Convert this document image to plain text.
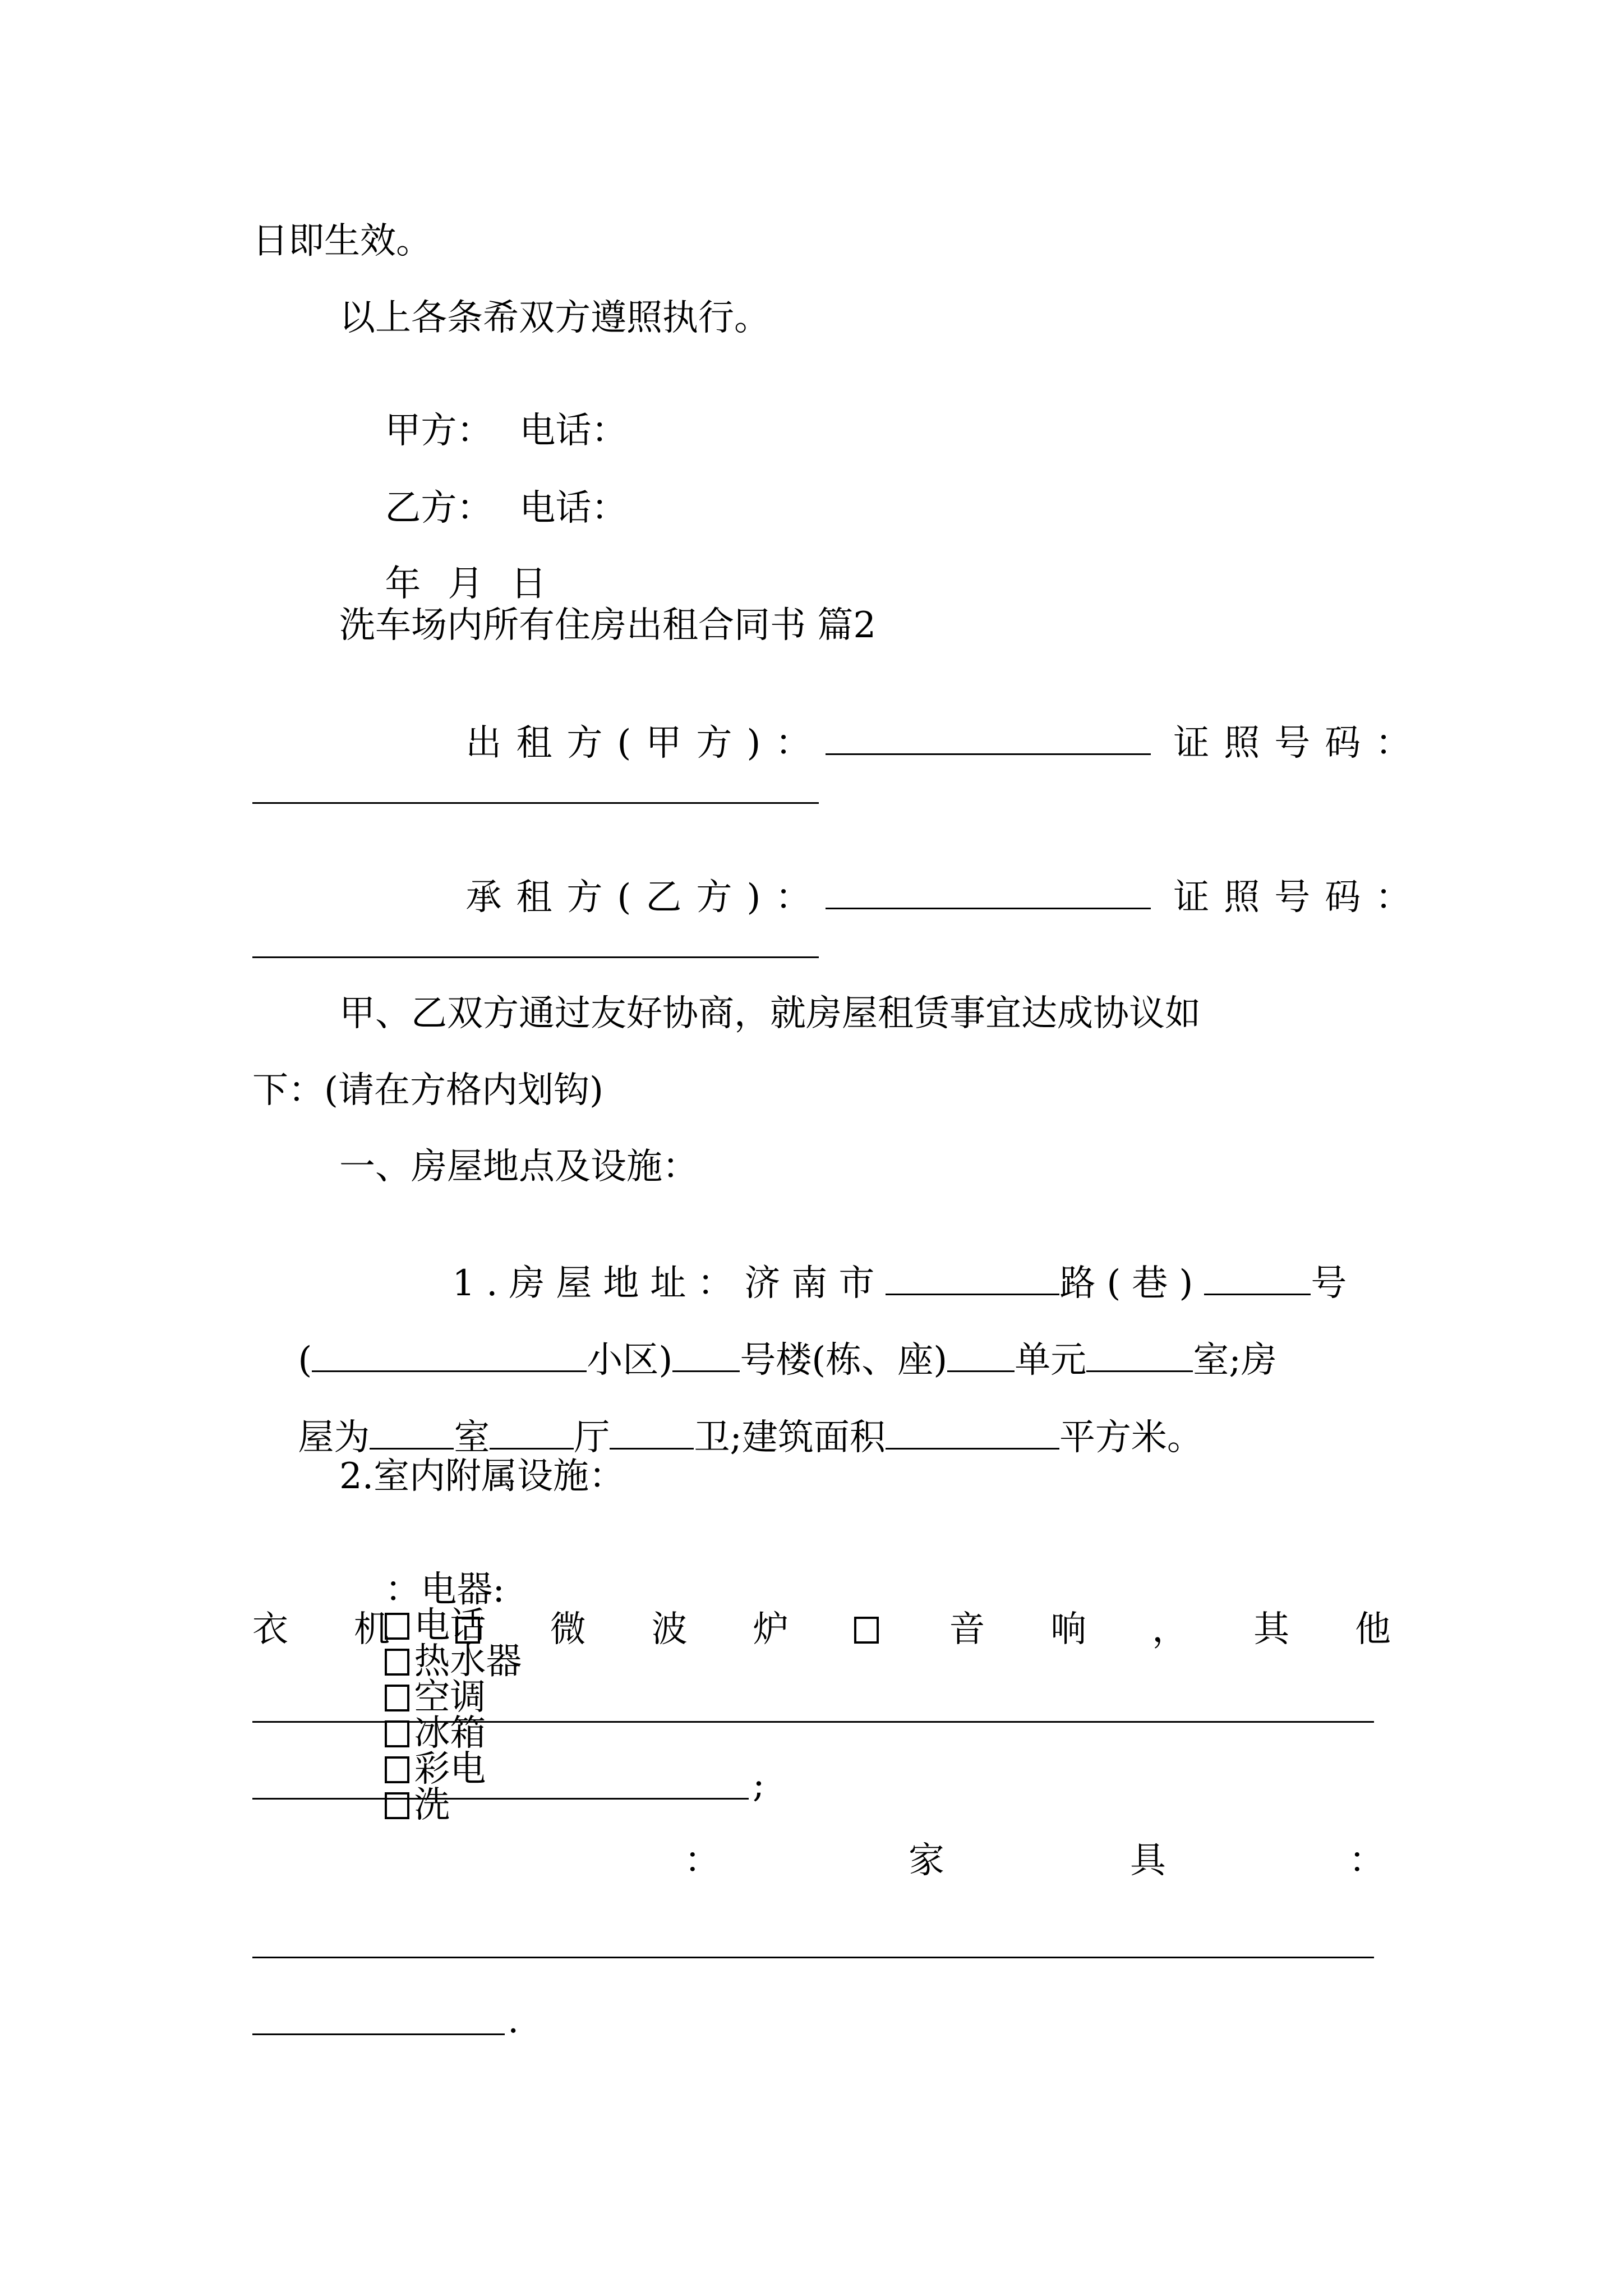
日即生效。
以上各条希双方遵照执行。

甲方： 电话：

乙方： 电话：

年 月 日

洗车场内所有住房出租合同书 篇2

出租方(甲方)：	证照号码：

承租方(乙方)：	证照号码：

甲、乙双方通过友好协商，就房屋租赁事宜达成协议如
下：(请在方格内划钩)
一、房屋地点及设施：

1.房屋地址：济南市	路(巷)	号

(	小区) 号楼(栋、座) 单元	室;房

屋为 室 厅 卫;建筑面积	平方米。

2.室内附属设施：

：电器:
电话
热水器
空调
冰箱
彩电
洗

衣 机	微 波 炉	音 响 ， 其 他
;
：	家	具	：
.
